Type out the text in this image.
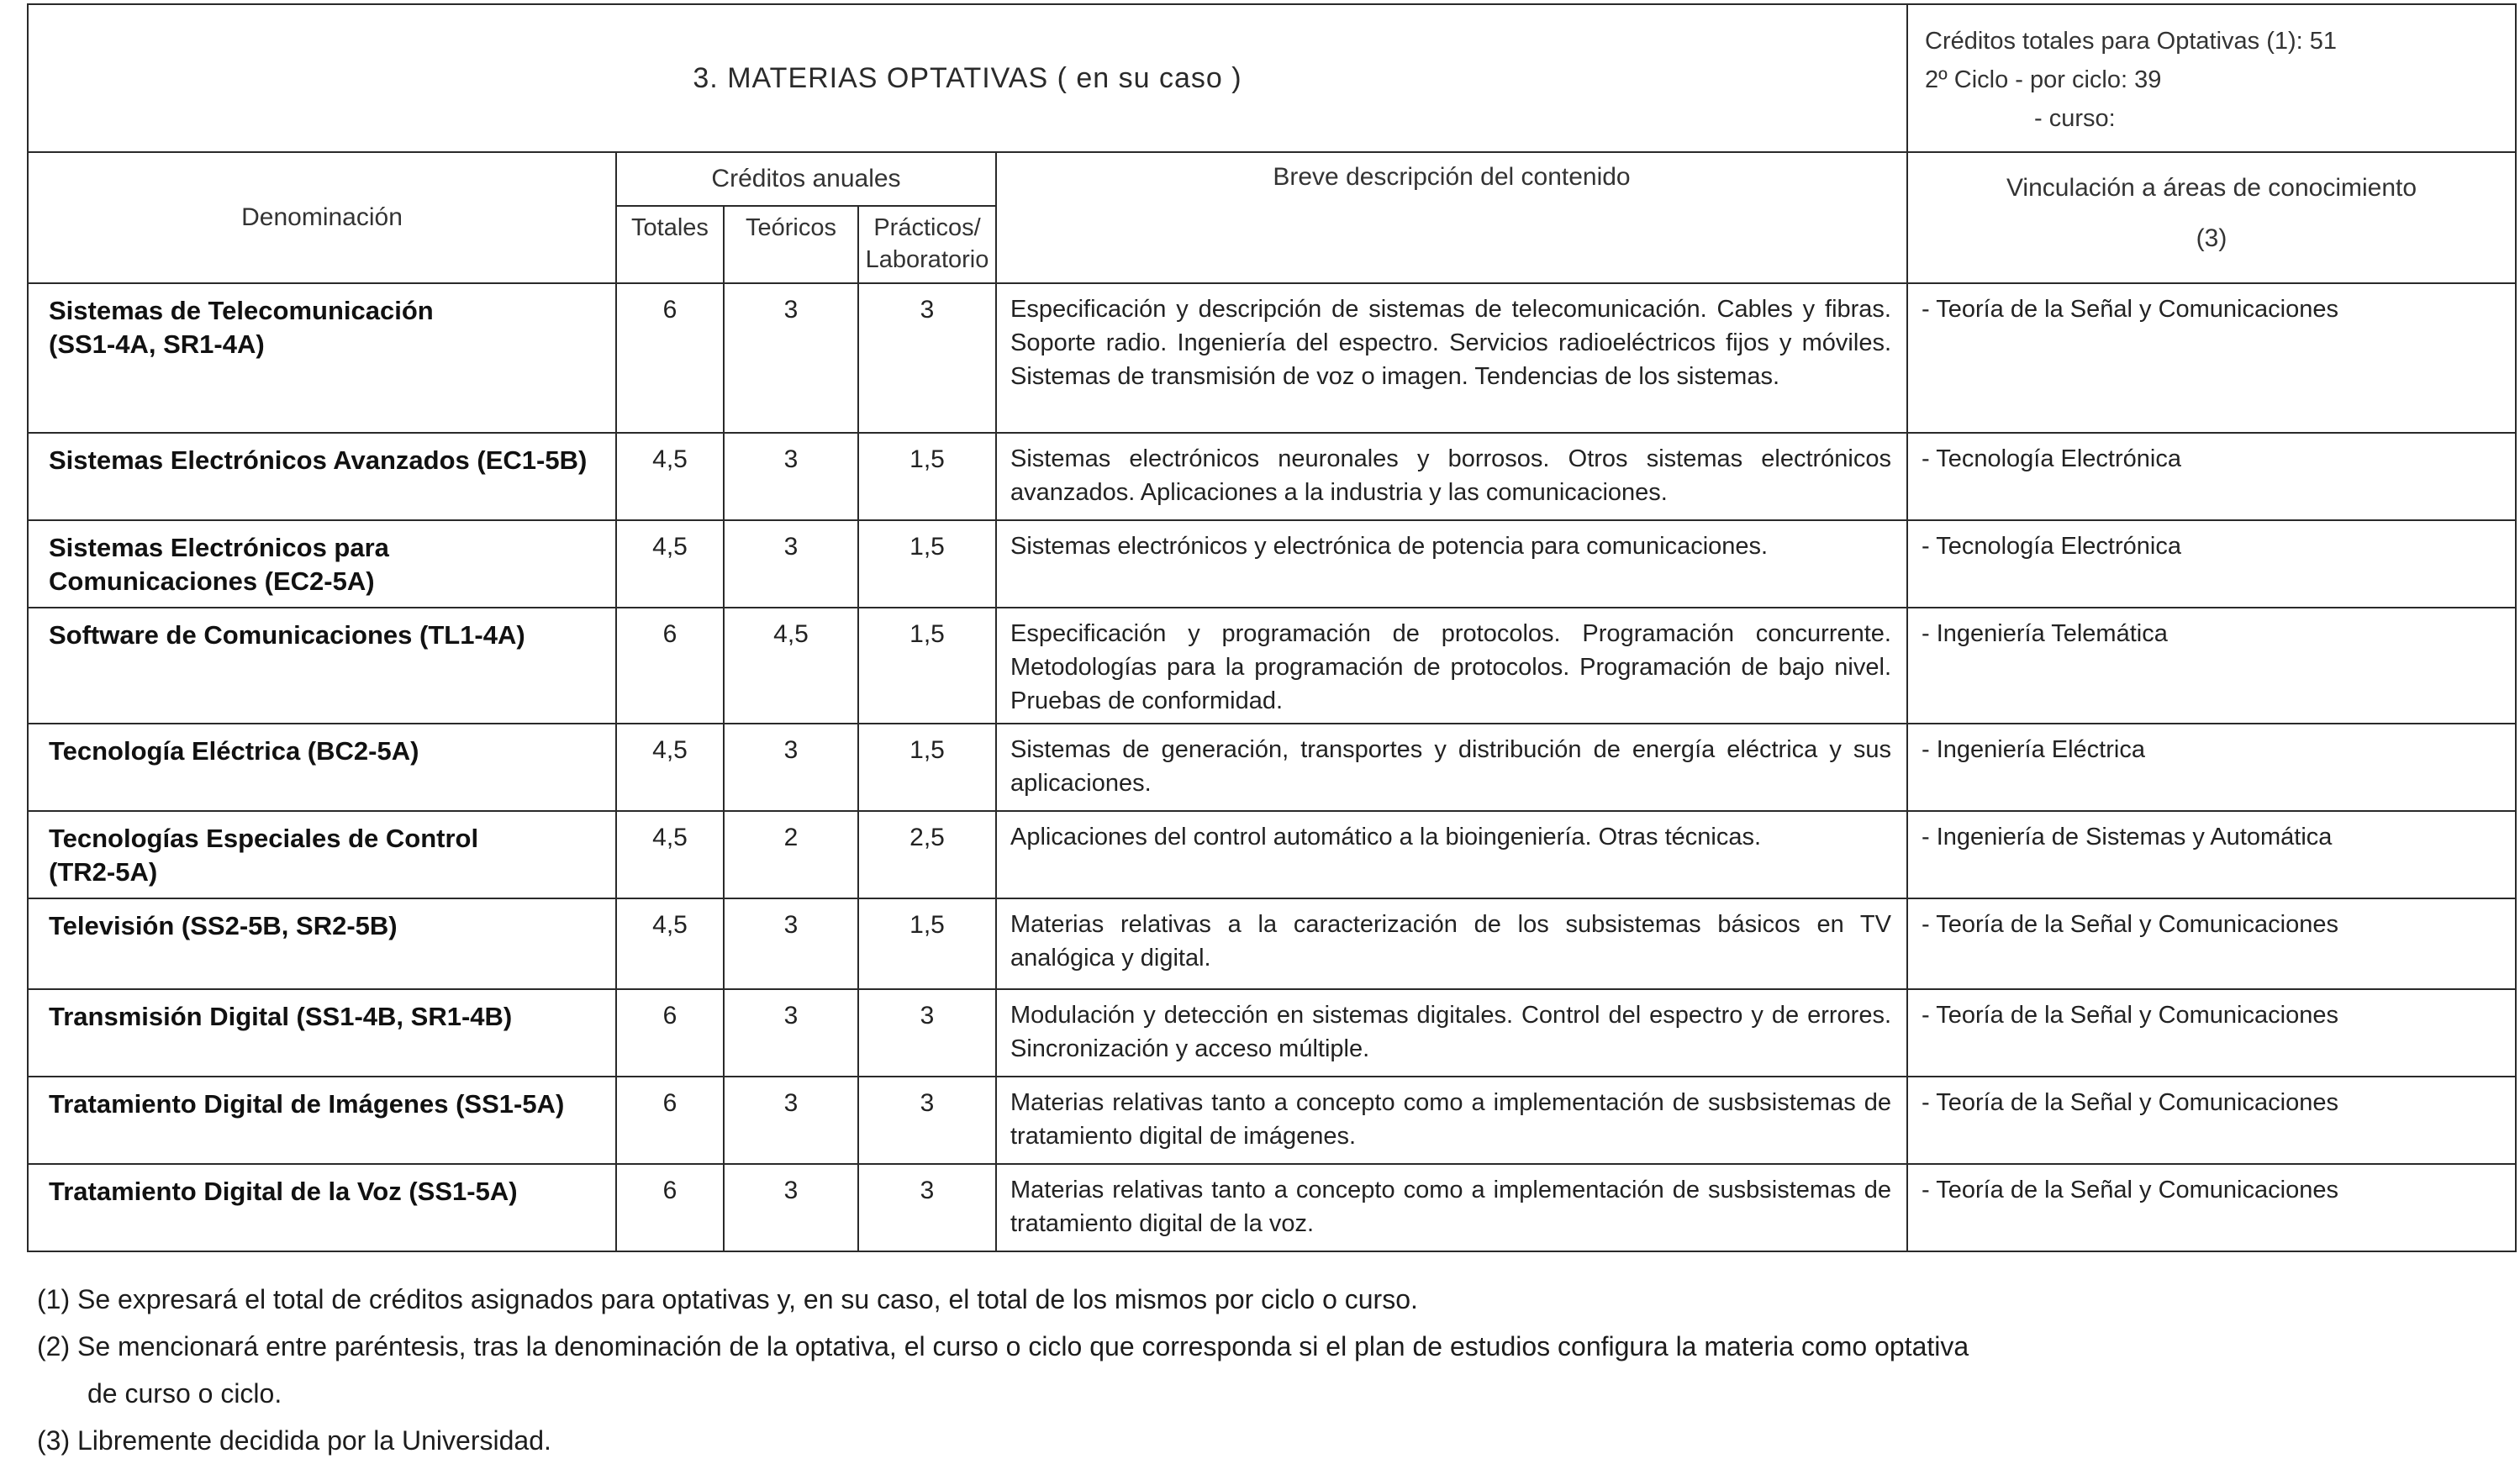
3. MATERIAS OPTATIVAS ( en su caso )					Créditos totales para Optativas (1): 51
2º Ciclo - por ciclo: 39
- curso:

Denominación	Créditos anuales			Breve descripción del contenido	Vinculación a áreas de conocimiento
(3)

	Totales	Teóricos	Prácticos/
Laboratorio		

Sistemas de Telecomunicación
(SS1-4A, SR1-4A)	6	3	3	Especificación y descripción de sistemas de telecomunicación. Cables y fibras. Soporte radio. Ingeniería del espectro. Servicios radioeléctricos fijos y móviles. Sistemas de transmisión de voz o imagen. Tendencias de los sistemas.	- Teoría de la Señal y Comunicaciones

Sistemas Electrónicos Avanzados (EC1-5B)	4,5	3	1,5	Sistemas electrónicos neuronales y borrosos. Otros sistemas electrónicos avanzados. Aplicaciones a la industria y las comunicaciones.	- Tecnología Electrónica

Sistemas Electrónicos para
Comunicaciones (EC2-5A)	4,5	3	1,5	Sistemas electrónicos y electrónica de potencia para comunicaciones.	- Tecnología Electrónica

Software de Comunicaciones (TL1-4A)	6	4,5	1,5	Especificación y programación de protocolos. Programación concurrente. Metodologías para la programación de protocolos. Programación de bajo nivel. Pruebas de conformidad.	- Ingeniería Telemática

Tecnología Eléctrica (BC2-5A)	4,5	3	1,5	Sistemas de generación, transportes y distribución de energía eléctrica y sus aplicaciones.	- Ingeniería Eléctrica

Tecnologías Especiales de Control
(TR2-5A)	4,5	2	2,5	Aplicaciones del control automático a la bioingeniería. Otras técnicas.	- Ingeniería de Sistemas y Automática

Televisión (SS2-5B, SR2-5B)	4,5	3	1,5	Materias relativas a la caracterización de los subsistemas básicos en TV analógica y digital.	- Teoría de la Señal y Comunicaciones

Transmisión Digital (SS1-4B, SR1-4B)	6	3	3	Modulación y detección en sistemas digitales. Control del espectro y de errores. Sincronización y acceso múltiple.	- Teoría de la Señal y Comunicaciones

Tratamiento Digital de Imágenes (SS1-5A)	6	3	3	Materias relativas tanto a concepto como a implementación de susbsistemas de tratamiento digital de imágenes.	- Teoría de la Señal y Comunicaciones

Tratamiento Digital de la Voz (SS1-5A)	6	3	3	Materias relativas tanto a concepto como a implementación de susbsistemas de tratamiento digital de la voz.	- Teoría de la Señal y Comunicaciones
(1) Se expresará el total de créditos asignados para optativas y, en su caso, el total de los mismos por ciclo o curso.
(2) Se mencionará entre paréntesis, tras la denominación de la optativa, el curso o ciclo que corresponda si el plan de estudios configura la materia como optativa
de curso o ciclo.
(3) Libremente decidida por la Universidad.
